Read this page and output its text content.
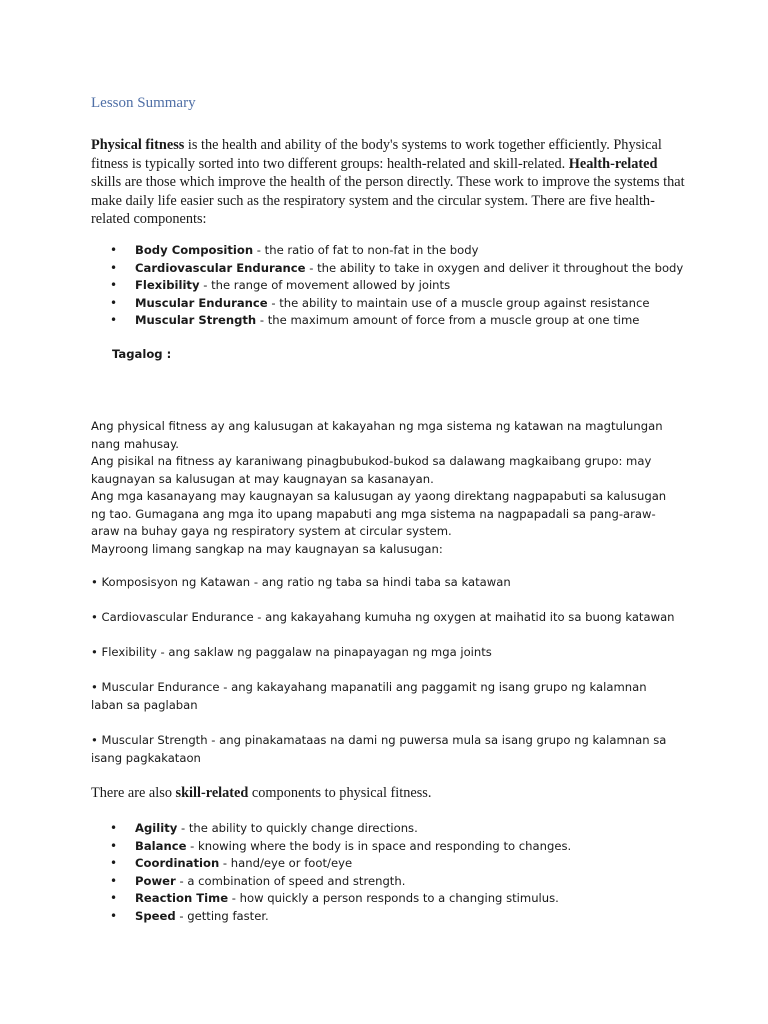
Lesson Summary

Physical fitness is the health and ability of the body's systems to work together efficiently. Physical fitness is typically sorted into two different groups: health-related and skill-related. Health-related skills are those which improve the health of the person directly. These work to improve the systems that make daily life easier such as the respiratory system and the circular system. There are five health-related components:

• Body Composition - the ratio of fat to non-fat in the body
• Cardiovascular Endurance - the ability to take in oxygen and deliver it throughout the body
• Flexibility - the range of movement allowed by joints
• Muscular Endurance - the ability to maintain use of a muscle group against resistance
• Muscular Strength - the maximum amount of force from a muscle group at one time

Tagalog :

Ang physical fitness ay ang kalusugan at kakayahan ng mga sistema ng katawan na magtulungan nang mahusay.
Ang pisikal na fitness ay karaniwang pinagbubukod-bukod sa dalawang magkaibang grupo: may kaugnayan sa kalusugan at may kaugnayan sa kasanayan.
Ang mga kasanayang may kaugnayan sa kalusugan ay yaong direktang nagpapabuti sa kalusugan ng tao. Gumagana ang mga ito upang mapabuti ang mga sistema na nagpapadali sa pang-araw-araw na buhay gaya ng respiratory system at circular system.
Mayroong limang sangkap na may kaugnayan sa kalusugan:

• Komposisyon ng Katawan - ang ratio ng taba sa hindi taba sa katawan

• Cardiovascular Endurance - ang kakayahang kumuha ng oxygen at maihatid ito sa buong katawan

• Flexibility - ang saklaw ng paggalaw na pinapayagan ng mga joints

• Muscular Endurance - ang kakayahang mapanatili ang paggamit ng isang grupo ng kalamnan laban sa paglaban

• Muscular Strength - ang pinakamataas na dami ng puwersa mula sa isang grupo ng kalamnan sa isang pagkakataon

There are also skill-related components to physical fitness.

• Agility - the ability to quickly change directions.
• Balance - knowing where the body is in space and responding to changes.
• Coordination - hand/eye or foot/eye
• Power - a combination of speed and strength.
• Reaction Time - how quickly a person responds to a changing stimulus.
• Speed - getting faster.
